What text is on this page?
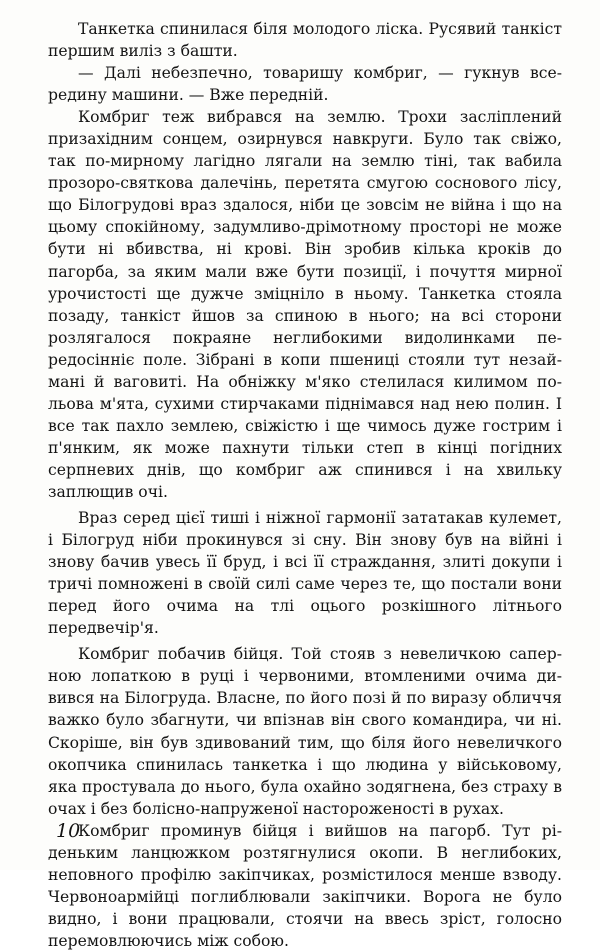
Танкетка спинилася біля молодого ліска. Русявий танкіст першим виліз з башти.

— Далі небезпечно, товаришу комбриг, — гукнув всередину машини. — Вже передній.

Комбриг теж вибрався на землю. Трохи засліплений призахідним сонцем, озирнувся навкруги. Було так свіжо, так по-мирному лагідно лягали на землю тіні, так вабила прозоро-святкова далечінь, перетята смугою соснового лісу, що Білогрудові враз здалося, ніби це зовсім не війна і що на цьому спокійному, задумливо-дрімотному просторі не може бути ні вбивства, ні крові. Він зробив кілька кроків до пагорба, за яким мали вже бути позиції, і почуття мирної урочистості ще дужче зміцніло в ньому. Танкетка стояла позаду, танкіст йшов за спиною в нього; на всі сторони розлягалося покраяне неглибокими видолинками передосінніє поле. Зібрані в копи пшениці стояли тут незаймані й ваговиті. На обніжку м'яко стелилася килимом польова м'ята, сухими стирчаками піднімався над нею полин. І все так пахло землею, свіжістю і ще чимось дуже гострим і п'янким, як може пахнути тільки степ в кінці погідних серпневих днів, що комбриг аж спинився і на хвильку заплющив очі.

Враз серед цієї тиші і ніжної гармонії зататакав кулемет, і Білогруд ніби прокинувся зі сну. Він знову був на війні і знову бачив увесь її бруд, і всі її страждання, злиті докупи і тричі помножені в своїй силі саме через те, що постали вони перед його очима на тлі оцього розкішного літнього передвечір'я.

Комбриг побачив бійця. Той стояв з невеличкою саперною лопаткою в руці і червоними, втомленими очима дивився на Білогруда. Власне, по його позі й по виразу обличчя важко було збагнути, чи впізнав він свого командира, чи ні. Скоріше, він був здивований тим, що біля його невеличкого окопчика спинилась танкетка і що людина у військовому, яка простувала до нього, була охайно зодягнена, без страху в очах і без болісно-напруженої настороженості в рухах.

Комбриг проминув бійця і вийшов на пагорб. Тут ріденьким ланцюжком розтягнулися окопи. В неглибоких, неповного профілю закіпчиках, розмістилося менше взводу. Червоноармійці поглиблювали закіпчики. Ворога не було видно, і вони працювали, стоячи на ввесь зріст, голосно перемовлюючись між собою.

10
